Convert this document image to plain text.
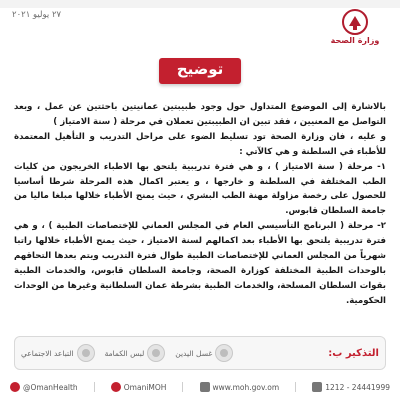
٢٧ يوليو ٢٠٢١
وزارة الصحة
توضيح

بالاشارة إلى الموضوع المتداول حول وجود طبيبتين عمانيتين باحثتين عن عمل ، وبعد التواصل مع المعنيين ، فقد تبين ان الطبيبتين تعملان في مرحلة ( سنة الامتياز )

و عليه ، فان وزارة الصحة تود تسليط الضوء على مراحل التدريب و التأهيل المعتمدة للأطباء في السلطنة و هي كالآتي :

١- مرحلة ( سنة الامتياز ) ، و هي فترة تدريبية يلتحق بها الاطباء الخريجون من كليات الطب المختلفة في السلطنة و خارجها ، و يعتبر اكمال هذه المرحلة شرطا أساسيا للحصول على رخصة مزاولة مهنة الطب البشري ، حيث يمنح الأطباء خلالها مبلغا ماليا من جامعة السلطان قابوس.

٢- مرحلة ( البرنامج التأسيسي العام في المجلس العماني للإختصاصات الطبية ) ، و هي فترة تدريبية يلتحق بها الأطباء بعد اكمالهم لسنة الامتياز ، حيث يمنح الأطباء خلالها راتبا شهرياً من المجلس العماني للإختصاصات الطبية طوال فترة التدريب ويتم بعدها التحاقهم بالوحدات الطبية المختلفة كوزارة الصحة، وجامعة السلطان قابوس، والخدمات الطبية بقوات السلطان المسلحة، والخدمات الطبية بشرطة عمان السلطانية وغيرها من الوحدات الحكومية.

التذكير ب:
غسل اليدين
لبس الكمامة
التباعد الاجتماعي
@OmanHealth	OmaniMOH	www.moh.gov.om	1212 - 24441999
